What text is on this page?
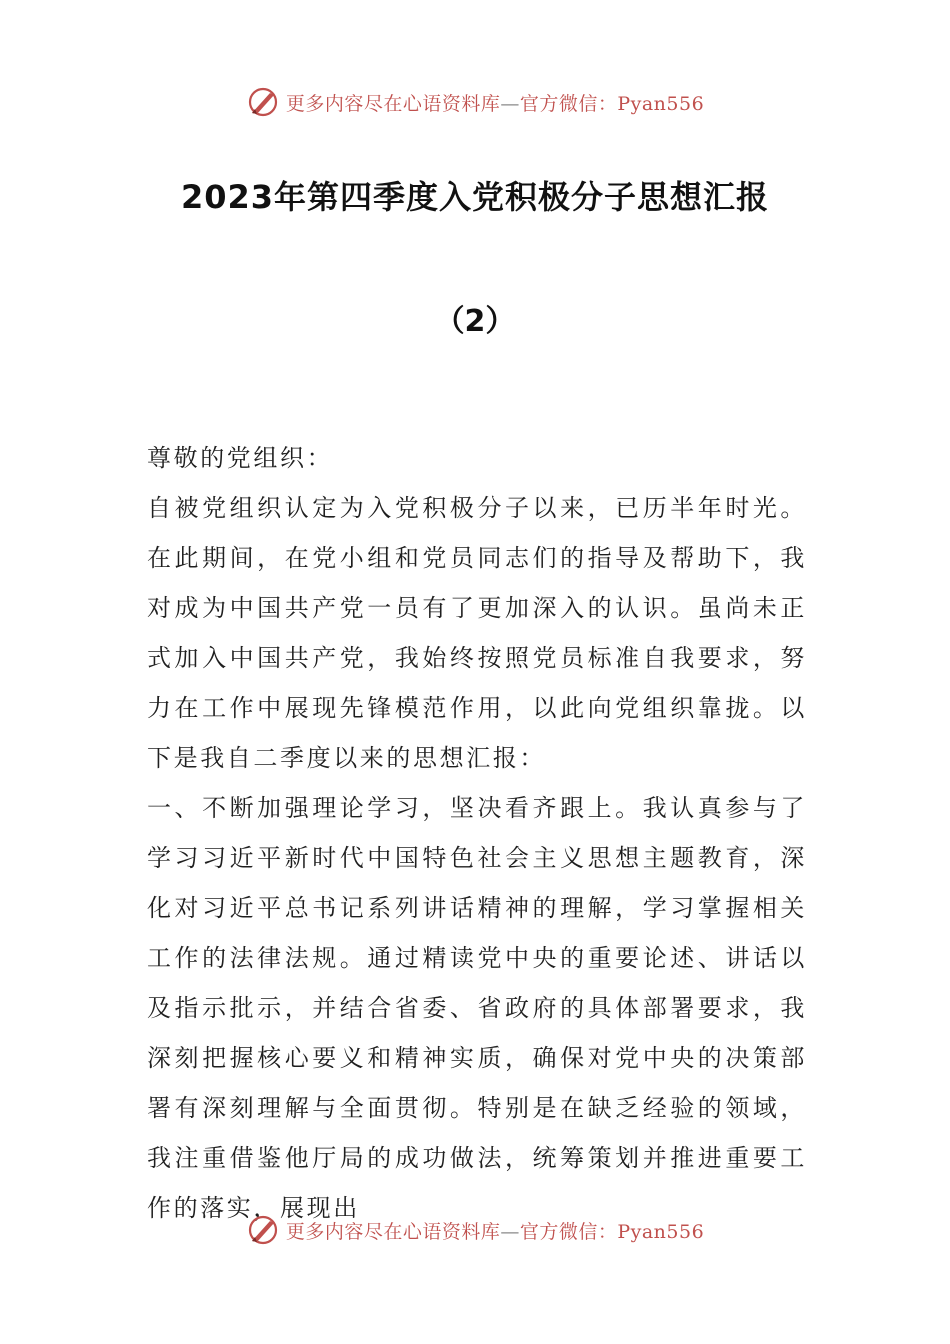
更多内容尽在心语资料库—官方微信：Pyan556
2023年第四季度入党积极分子思想汇报
（2）

尊敬的党组织：

自被党组织认定为入党积极分子以来，已历半年时光。在此期间，在党小组和党员同志们的指导及帮助下，我对成为中国共产党一员有了更加深入的认识。虽尚未正式加入中国共产党，我始终按照党员标准自我要求，努力在工作中展现先锋模范作用，以此向党组织靠拢。以下是我自二季度以来的思想汇报：

一、不断加强理论学习，坚决看齐跟上。我认真参与了学习习近平新时代中国特色社会主义思想主题教育，深化对习近平总书记系列讲话精神的理解，学习掌握相关工作的法律法规。通过精读党中央的重要论述、讲话以及指示批示，并结合省委、省政府的具体部署要求，我深刻把握核心要义和精神实质，确保对党中央的决策部署有深刻理解与全面贯彻。特别是在缺乏经验的领域，我注重借鉴他厅局的成功做法，统筹策划并推进重要工作的落实，展现出

更多内容尽在心语资料库—官方微信：Pyan556
